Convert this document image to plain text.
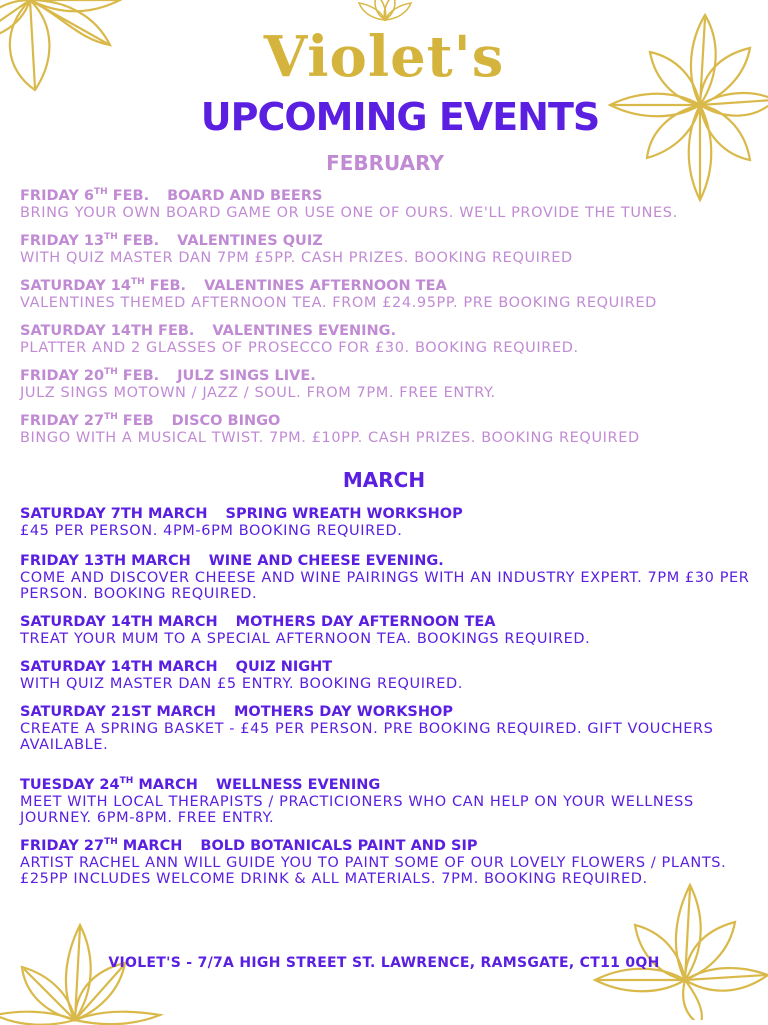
Violet's
UPCOMING EVENTS
FEBRUARY
FRIDAY 6TH FEB. BOARD AND BEERS
BRING YOUR OWN BOARD GAME OR USE ONE OF OURS. WE'LL PROVIDE THE TUNES.
FRIDAY 13TH FEB. VALENTINES QUIZ
WITH QUIZ MASTER DAN 7PM £5PP. CASH PRIZES. BOOKING REQUIRED
SATURDAY 14TH FEB. VALENTINES AFTERNOON TEA
VALENTINES THEMED AFTERNOON TEA. FROM £24.95PP. PRE BOOKING REQUIRED
SATURDAY 14TH FEB. VALENTINES EVENING.
PLATTER AND 2 GLASSES OF PROSECCO FOR £30. BOOKING REQUIRED.
FRIDAY 20TH FEB. JULZ SINGS LIVE.
JULZ SINGS MOTOWN / JAZZ / SOUL. FROM 7PM. FREE ENTRY.
FRIDAY 27TH FEB DISCO BINGO
BINGO WITH A MUSICAL TWIST. 7PM. £10PP. CASH PRIZES. BOOKING REQUIRED
MARCH
SATURDAY 7TH MARCH SPRING WREATH WORKSHOP
£45 PER PERSON. 4PM-6PM BOOKING REQUIRED.
FRIDAY 13TH MARCH WINE AND CHEESE EVENING.
COME AND DISCOVER CHEESE AND WINE PAIRINGS WITH AN INDUSTRY EXPERT. 7PM £30 PER PERSON. BOOKING REQUIRED.
SATURDAY 14TH MARCH MOTHERS DAY AFTERNOON TEA
TREAT YOUR MUM TO A SPECIAL AFTERNOON TEA. BOOKINGS REQUIRED.
SATURDAY 14TH MARCH QUIZ NIGHT
WITH QUIZ MASTER DAN £5 ENTRY. BOOKING REQUIRED.
SATURDAY 21ST MARCH MOTHERS DAY WORKSHOP
CREATE A SPRING BASKET - £45 PER PERSON. PRE BOOKING REQUIRED. GIFT VOUCHERS AVAILABLE.
TUESDAY 24TH MARCH WELLNESS EVENING
MEET WITH LOCAL THERAPISTS / PRACTICIONERS WHO CAN HELP ON YOUR WELLNESS JOURNEY. 6PM-8PM. FREE ENTRY.
FRIDAY 27TH MARCH BOLD BOTANICALS PAINT AND SIP
ARTIST RACHEL ANN WILL GUIDE YOU TO PAINT SOME OF OUR LOVELY FLOWERS / PLANTS. £25PP INCLUDES WELCOME DRINK & ALL MATERIALS. 7PM. BOOKING REQUIRED.
VIOLET'S - 7/7A HIGH STREET ST. LAWRENCE, RAMSGATE, CT11 0QH
